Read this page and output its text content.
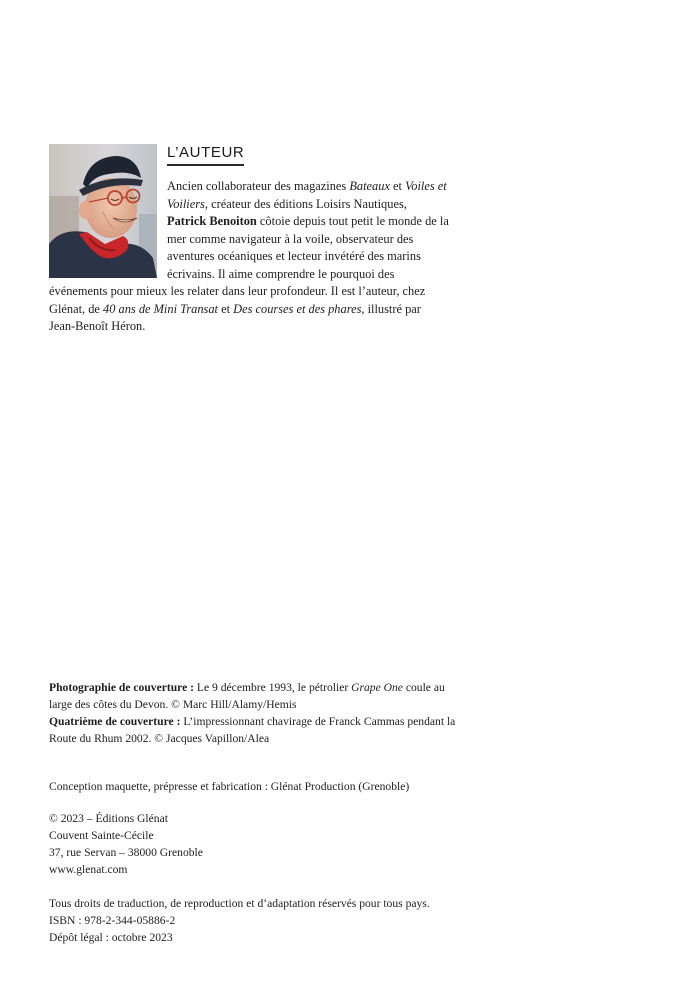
L’AUTEUR

Ancien collaborateur des magazines Bateaux et Voiles et Voiliers, créateur des éditions Loisirs Nautiques, Patrick Benoiton côtoie depuis tout petit le monde de la mer comme navigateur à la voile, observateur des aventures océaniques et lecteur invétéré des marins écrivains. Il aime comprendre le pourquoi des événements pour mieux les relater dans leur profondeur. Il est l’auteur, chez Glénat, de 40 ans de Mini Transat et Des courses et des phares, illustré par Jean-Benoît Héron.

Photographie de couverture : Le 9 décembre 1993, le pétrolier Grape One coule au large des côtes du Devon. © Marc Hill/Alamy/Hemis

Quatrième de couverture : L’impressionnant chavirage de Franck Cammas pendant la Route du Rhum 2002. © Jacques Vapillon/Alea

Conception maquette, prépresse et fabrication : Glénat Production (Grenoble)

© 2023 – Éditions Glénat

Couvent Sainte-Cécile

37, rue Servan – 38000 Grenoble

www.glenat.com

Tous droits de traduction, de reproduction et d’adaptation réservés pour tous pays.

ISBN : 978-2-344-05886-2

Dépôt légal : octobre 2023
